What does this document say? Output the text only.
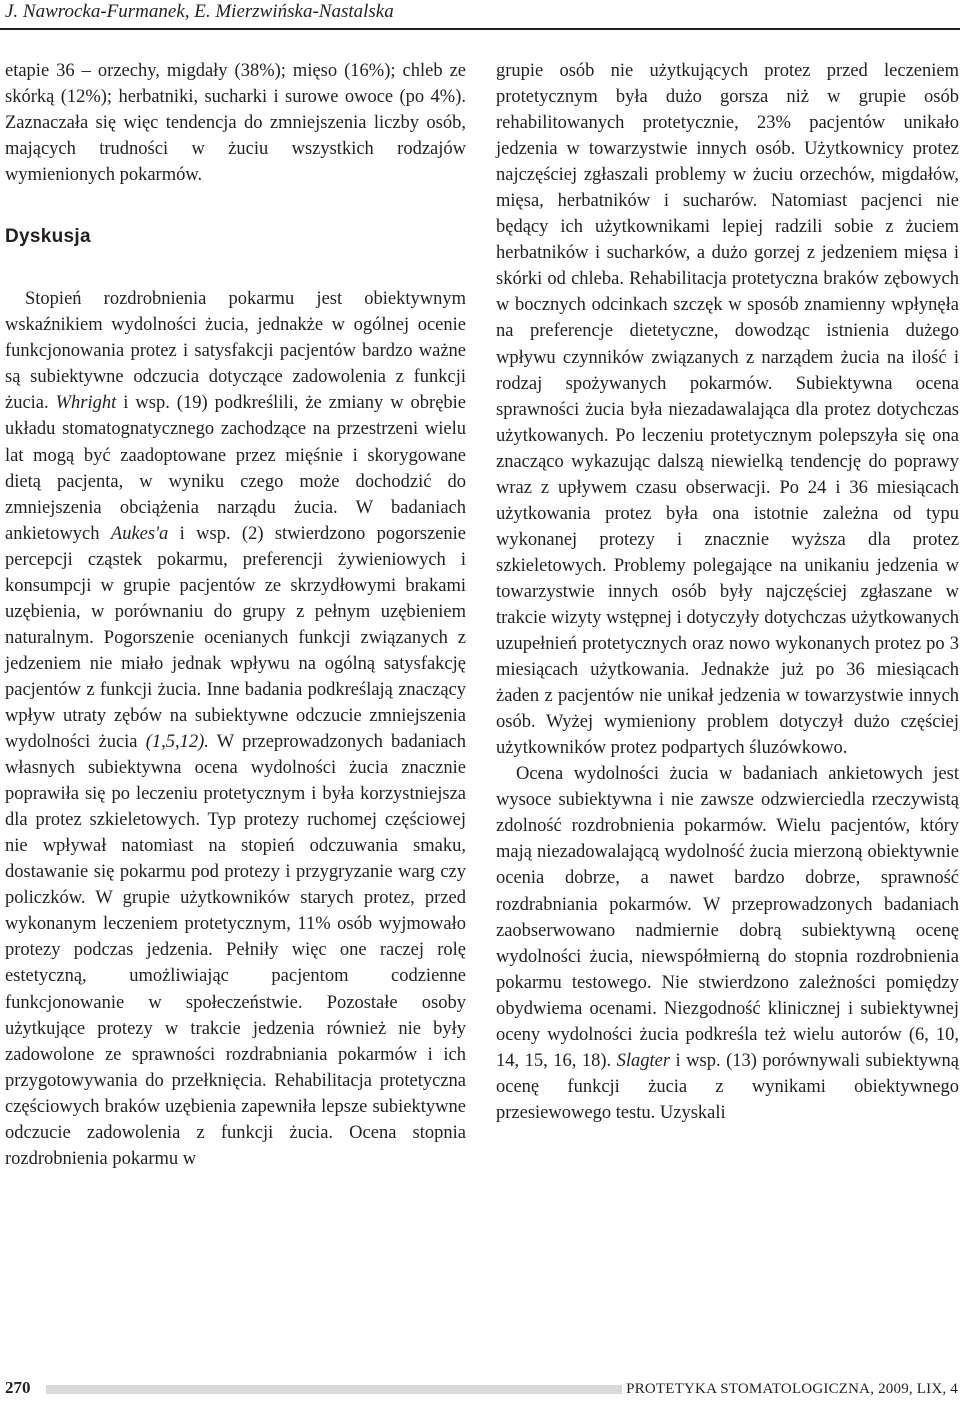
J. Nawrocka-Furmanek, E. Mierzwińska-Nastalska

etapie 36 – orzechy, migdały (38%); mięso (16%); chleb ze skórką (12%); herbatniki, sucharki i surowe owoce (po 4%). Zaznaczała się więc tendencja do zmniejszenia liczby osób, mających trudności w żuciu wszystkich rodzajów wymienionych pokarmów.

Dyskusja

Stopień rozdrobnienia pokarmu jest obiektywnym wskaźnikiem wydolności żucia, jednakże w ogólnej ocenie funkcjonowania protez i satysfakcji pacjentów bardzo ważne są subiektywne odczucia dotyczące zadowolenia z funkcji żucia. Whright i wsp. (19) podkreślili, że zmiany w obrębie układu stomatognatycznego zachodzące na przestrzeni wielu lat mogą być zaadoptowane przez mięśnie i skorygowane dietą pacjenta, w wyniku czego może dochodzić do zmniejszenia obciążenia narządu żucia. W badaniach ankietowych Aukes'a i wsp. (2) stwierdzono pogorszenie percepcji cząstek pokarmu, preferencji żywieniowych i konsumpcji w grupie pacjentów ze skrzydłowymi brakami uzębienia, w porównaniu do grupy z pełnym uzębieniem naturalnym. Pogorszenie ocenianych funkcji związanych z jedzeniem nie miało jednak wpływu na ogólną satysfakcję pacjentów z funkcji żucia. Inne badania podkreślają znaczący wpływ utraty zębów na subiektywne odczucie zmniejszenia wydolności żucia (1,5,12). W przeprowadzonych badaniach własnych subiektywna ocena wydolności żucia znacznie poprawiła się po leczeniu protetycznym i była korzystniejsza dla protez szkieletowych. Typ protezy ruchomej częściowej nie wpływał natomiast na stopień odczuwania smaku, dostawanie się pokarmu pod protezy i przygryzanie warg czy policzków. W grupie użytkowników starych protez, przed wykonanym leczeniem protetycznym, 11% osób wyjmowało protezy podczas jedzenia. Pełniły więc one raczej rolę estetyczną, umożliwiając pacjentom codzienne funkcjonowanie w społeczeństwie. Pozostałe osoby użytkujące protezy w trakcie jedzenia również nie były zadowolone ze sprawności rozdrabniania pokarmów i ich przygotowywania do przełknięcia. Rehabilitacja protetyczna częściowych braków uzębienia zapewniła lepsze subiektywne odczucie zadowolenia z funkcji żucia. Ocena stopnia rozdrobnienia pokarmu w

grupie osób nie użytkujących protez przed leczeniem protetycznym była dużo gorsza niż w grupie osób rehabilitowanych protetycznie, 23% pacjentów unikało jedzenia w towarzystwie innych osób. Użytkownicy protez najczęściej zgłaszali problemy w żuciu orzechów, migdałów, mięsa, herbatników i sucharów. Natomiast pacjenci nie będący ich użytkownikami lepiej radzili sobie z żuciem herbatników i sucharków, a dużo gorzej z jedzeniem mięsa i skórki od chleba. Rehabilitacja protetyczna braków zębowych w bocznych odcinkach szczęk w sposób znamienny wpłynęła na preferencje dietetyczne, dowodząc istnienia dużego wpływu czynników związanych z narządem żucia na ilość i rodzaj spożywanych pokarmów. Subiektywna ocena sprawności żucia była niezadawalająca dla protez dotychczas użytkowanych. Po leczeniu protetycznym polepszyła się ona znacząco wykazując dalszą niewielką tendencję do poprawy wraz z upływem czasu obserwacji. Po 24 i 36 miesiącach użytkowania protez była ona istotnie zależna od typu wykonanej protezy i znacznie wyższa dla protez szkieletowych. Problemy polegające na unikaniu jedzenia w towarzystwie innych osób były najczęściej zgłaszane w trakcie wizyty wstępnej i dotyczyły dotychczas użytkowanych uzupełnień protetycznych oraz nowo wykonanych protez po 3 miesiącach użytkowania. Jednakże już po 36 miesiącach żaden z pacjentów nie unikał jedzenia w towarzystwie innych osób. Wyżej wymieniony problem dotyczył dużo częściej użytkowników protez podpartych śluzówkowo.

Ocena wydolności żucia w badaniach ankietowych jest wysoce subiektywna i nie zawsze odzwierciedla rzeczywistą zdolność rozdrobnienia pokarmów. Wielu pacjentów, który mają niezadowalającą wydolność żucia mierzoną obiektywnie ocenia dobrze, a nawet bardzo dobrze, sprawność rozdrabniania pokarmów. W przeprowadzonych badaniach zaobserwowano nadmiernie dobrą subiektywną ocenę wydolności żucia, niewspółmierną do stopnia rozdrobnienia pokarmu testowego. Nie stwierdzono zależności pomiędzy obydwiema ocenami. Niezgodność klinicznej i subiektywnej oceny wydolności żucia podkreśla też wielu autorów (6, 10, 14, 15, 16, 18). Slagter i wsp. (13) porównywali subiektywną ocenę funkcji żucia z wynikami obiektywnego przesiewowego testu. Uzyskali

270	PROTETYKA STOMATOLOGICZNA, 2009, LIX, 4
